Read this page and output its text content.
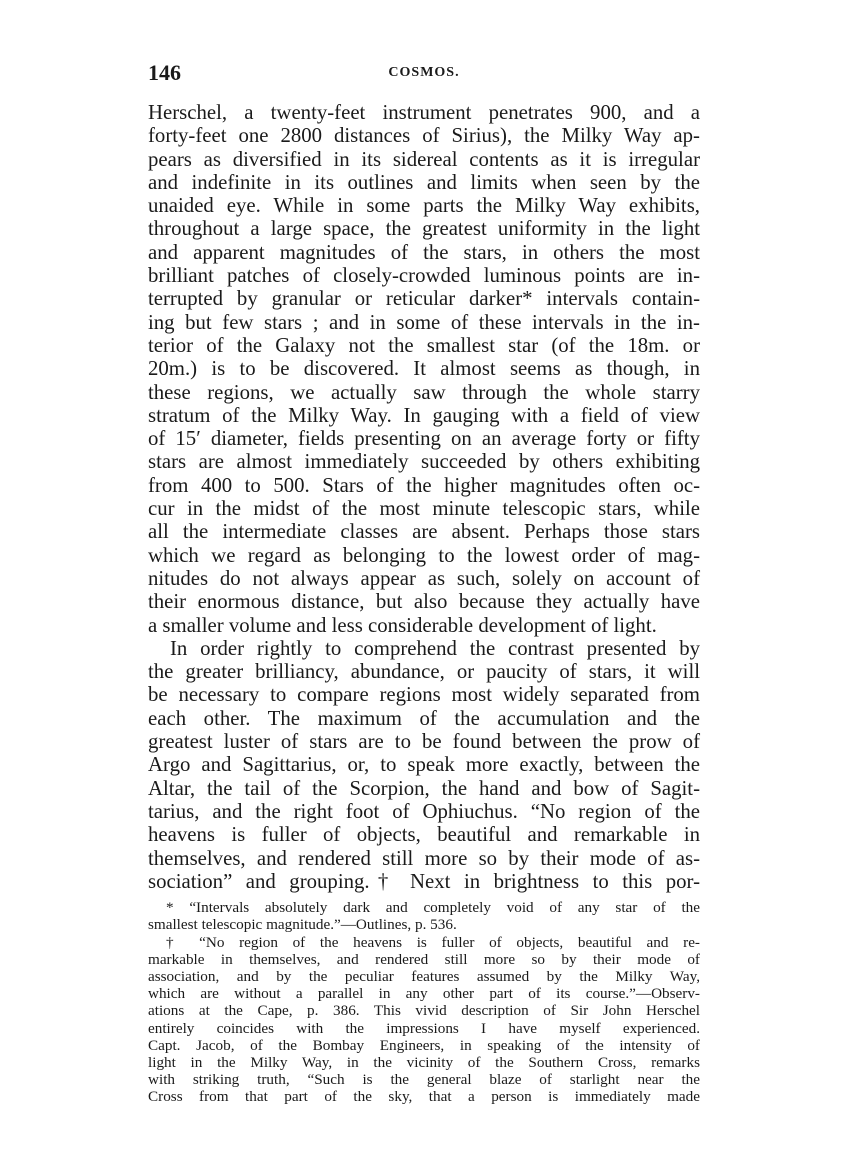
146	COSMOS.
Herschel, a twenty-feet instrument penetrates 900, and a
forty-feet one 2800 distances of Sirius), the Milky Way ap-
pears as diversified in its sidereal contents as it is irregular
and indefinite in its outlines and limits when seen by the
unaided eye. While in some parts the Milky Way exhibits,
throughout a large space, the greatest uniformity in the light
and apparent magnitudes of the stars, in others the most
brilliant patches of closely-crowded luminous points are in-
terrupted by granular or reticular darker* intervals contain-
ing but few stars ; and in some of these intervals in the in-
terior of the Galaxy not the smallest star (of the 18m. or
20m.) is to be discovered. It almost seems as though, in
these regions, we actually saw through the whole starry
stratum of the Milky Way. In gauging with a field of view
of 15′ diameter, fields presenting on an average forty or fifty
stars are almost immediately succeeded by others exhibiting
from 400 to 500. Stars of the higher magnitudes often oc-
cur in the midst of the most minute telescopic stars, while
all the intermediate classes are absent. Perhaps those stars
which we regard as belonging to the lowest order of mag-
nitudes do not always appear as such, solely on account of
their enormous distance, but also because they actually have
a smaller volume and less considerable development of light.
In order rightly to comprehend the contrast presented by
the greater brilliancy, abundance, or paucity of stars, it will
be necessary to compare regions most widely separated from
each other. The maximum of the accumulation and the
greatest luster of stars are to be found between the prow of
Argo and Sagittarius, or, to speak more exactly, between the
Altar, the tail of the Scorpion, the hand and bow of Sagit-
tarius, and the right foot of Ophiuchus. “No region of the
heavens is fuller of objects, beautiful and remarkable in
themselves, and rendered still more so by their mode of as-
sociation” and grouping.† Next in brightness to this por-
* “Intervals absolutely dark and completely void of any star of the
smallest telescopic magnitude.”—Outlines, p. 536.
† “No region of the heavens is fuller of objects, beautiful and re-
markable in themselves, and rendered still more so by their mode of
association, and by the peculiar features assumed by the Milky Way,
which are without a parallel in any other part of its course.”—Observ-
ations at the Cape, p. 386. This vivid description of Sir John Herschel
entirely coincides with the impressions I have myself experienced.
Capt. Jacob, of the Bombay Engineers, in speaking of the intensity of
light in the Milky Way, in the vicinity of the Southern Cross, remarks
with striking truth, “Such is the general blaze of starlight near the
Cross from that part of the sky, that a person is immediately made
